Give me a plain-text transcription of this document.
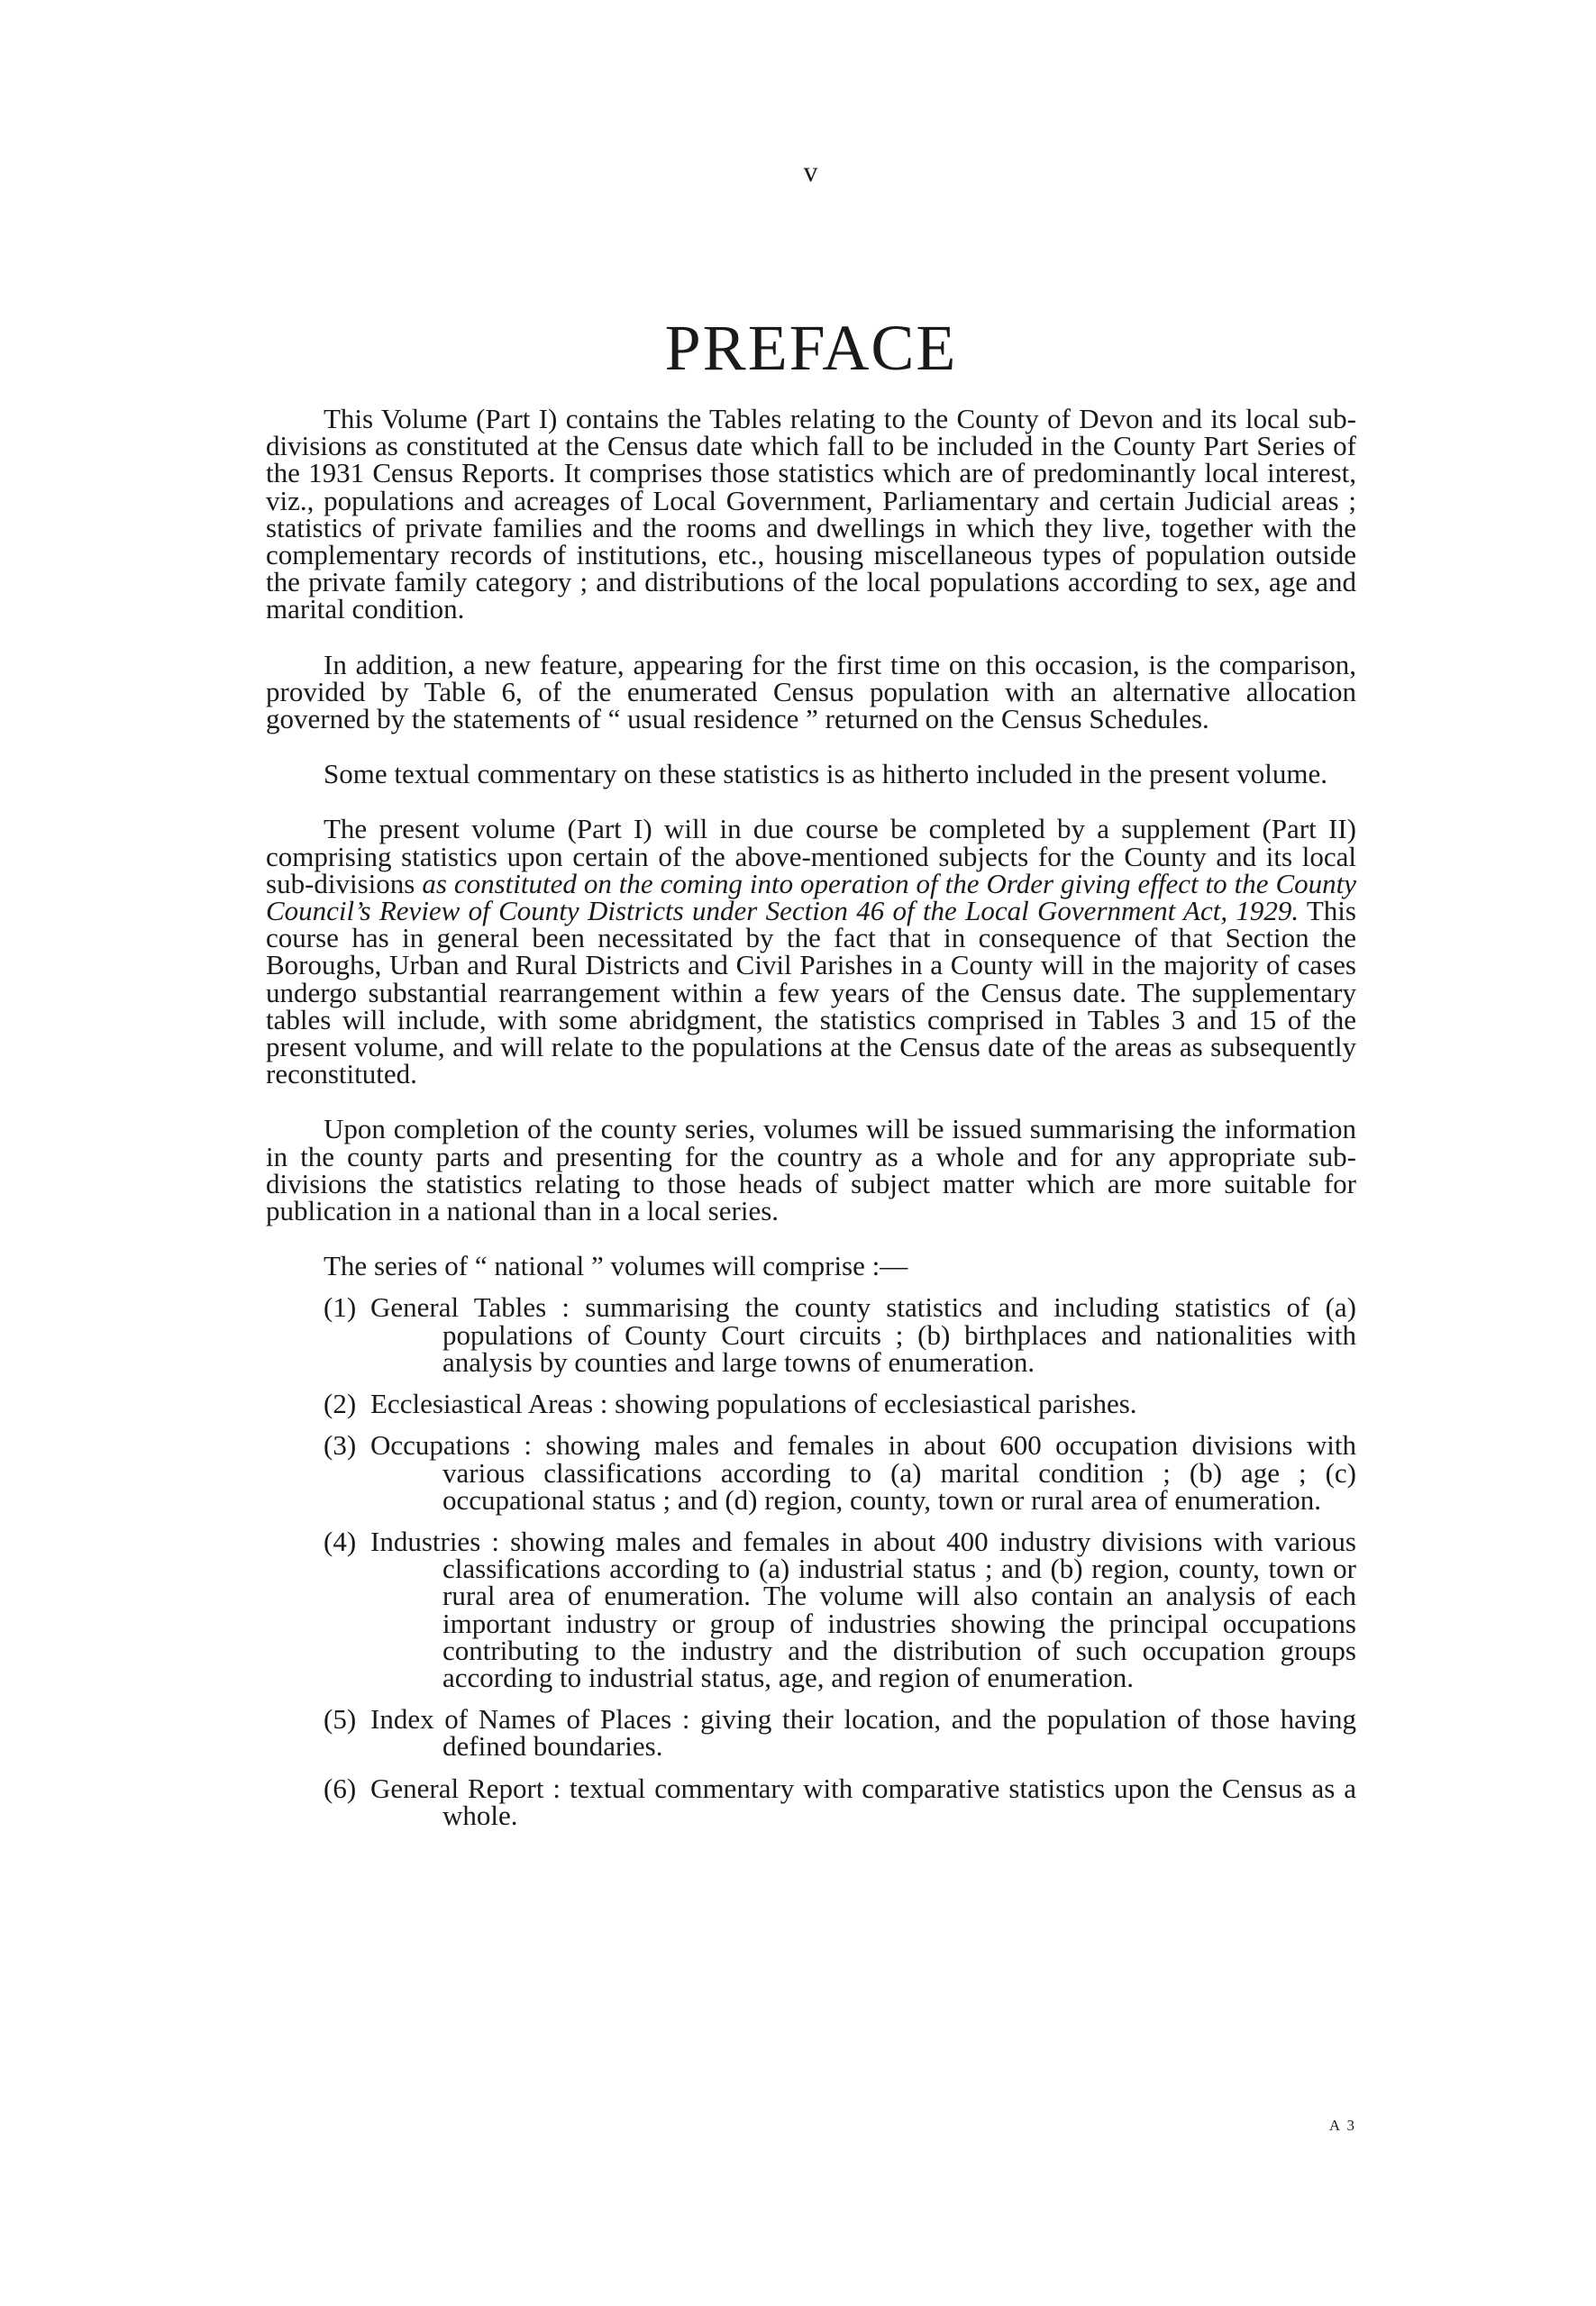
v
PREFACE

This Volume (Part I) contains the Tables relating to the County of Devon and its local sub-divisions as constituted at the Census date which fall to be included in the County Part Series of the 1931 Census Reports. It comprises those statistics which are of predominantly local interest, viz., populations and acreages of Local Government, Parliamentary and certain Judicial areas ; statistics of private families and the rooms and dwellings in which they live, together with the complementary records of institutions, etc., housing miscellaneous types of population outside the private family category ; and distributions of the local populations according to sex, age and marital condition.

In addition, a new feature, appearing for the first time on this occasion, is the comparison, provided by Table 6, of the enumerated Census population with an alternative allocation governed by the statements of “ usual residence ” returned on the Census Schedules.

Some textual commentary on these statistics is as hitherto included in the present volume.

The present volume (Part I) will in due course be completed by a supplement (Part II) comprising statistics upon certain of the above-mentioned subjects for the County and its local sub-divisions as constituted on the coming into operation of the Order giving effect to the County Council’s Review of County Districts under Section 46 of the Local Government Act, 1929. This course has in general been necessitated by the fact that in consequence of that Section the Boroughs, Urban and Rural Districts and Civil Parishes in a County will in the majority of cases undergo substantial rearrangement within a few years of the Census date. The supplementary tables will include, with some abridgment, the statistics comprised in Tables 3 and 15 of the present volume, and will relate to the populations at the Census date of the areas as subsequently reconstituted.

Upon completion of the county series, volumes will be issued summarising the information in the county parts and presenting for the country as a whole and for any appropriate sub-divisions the statistics relating to those heads of subject matter which are more suitable for publication in a national than in a local series.

The series of “ national ” volumes will comprise :—
(1) General Tables : summarising the county statistics and including statistics of (a) populations of County Court circuits ; (b) birthplaces and nationalities with analysis by counties and large towns of enumeration.
(2) Ecclesiastical Areas : showing populations of ecclesiastical parishes.
(3) Occupations : showing males and females in about 600 occupation divisions with various classifications according to (a) marital condition ; (b) age ; (c) occupational status ; and (d) region, county, town or rural area of enumeration.
(4) Industries : showing males and females in about 400 industry divisions with various classifications according to (a) industrial status ; and (b) region, county, town or rural area of enumeration. The volume will also contain an analysis of each important industry or group of industries showing the principal occupations contributing to the industry and the distribution of such occupation groups according to industrial status, age, and region of enumeration.
(5) Index of Names of Places : giving their location, and the population of those having defined boundaries.
(6) General Report : textual commentary with comparative statistics upon the Census as a whole.
A 3
